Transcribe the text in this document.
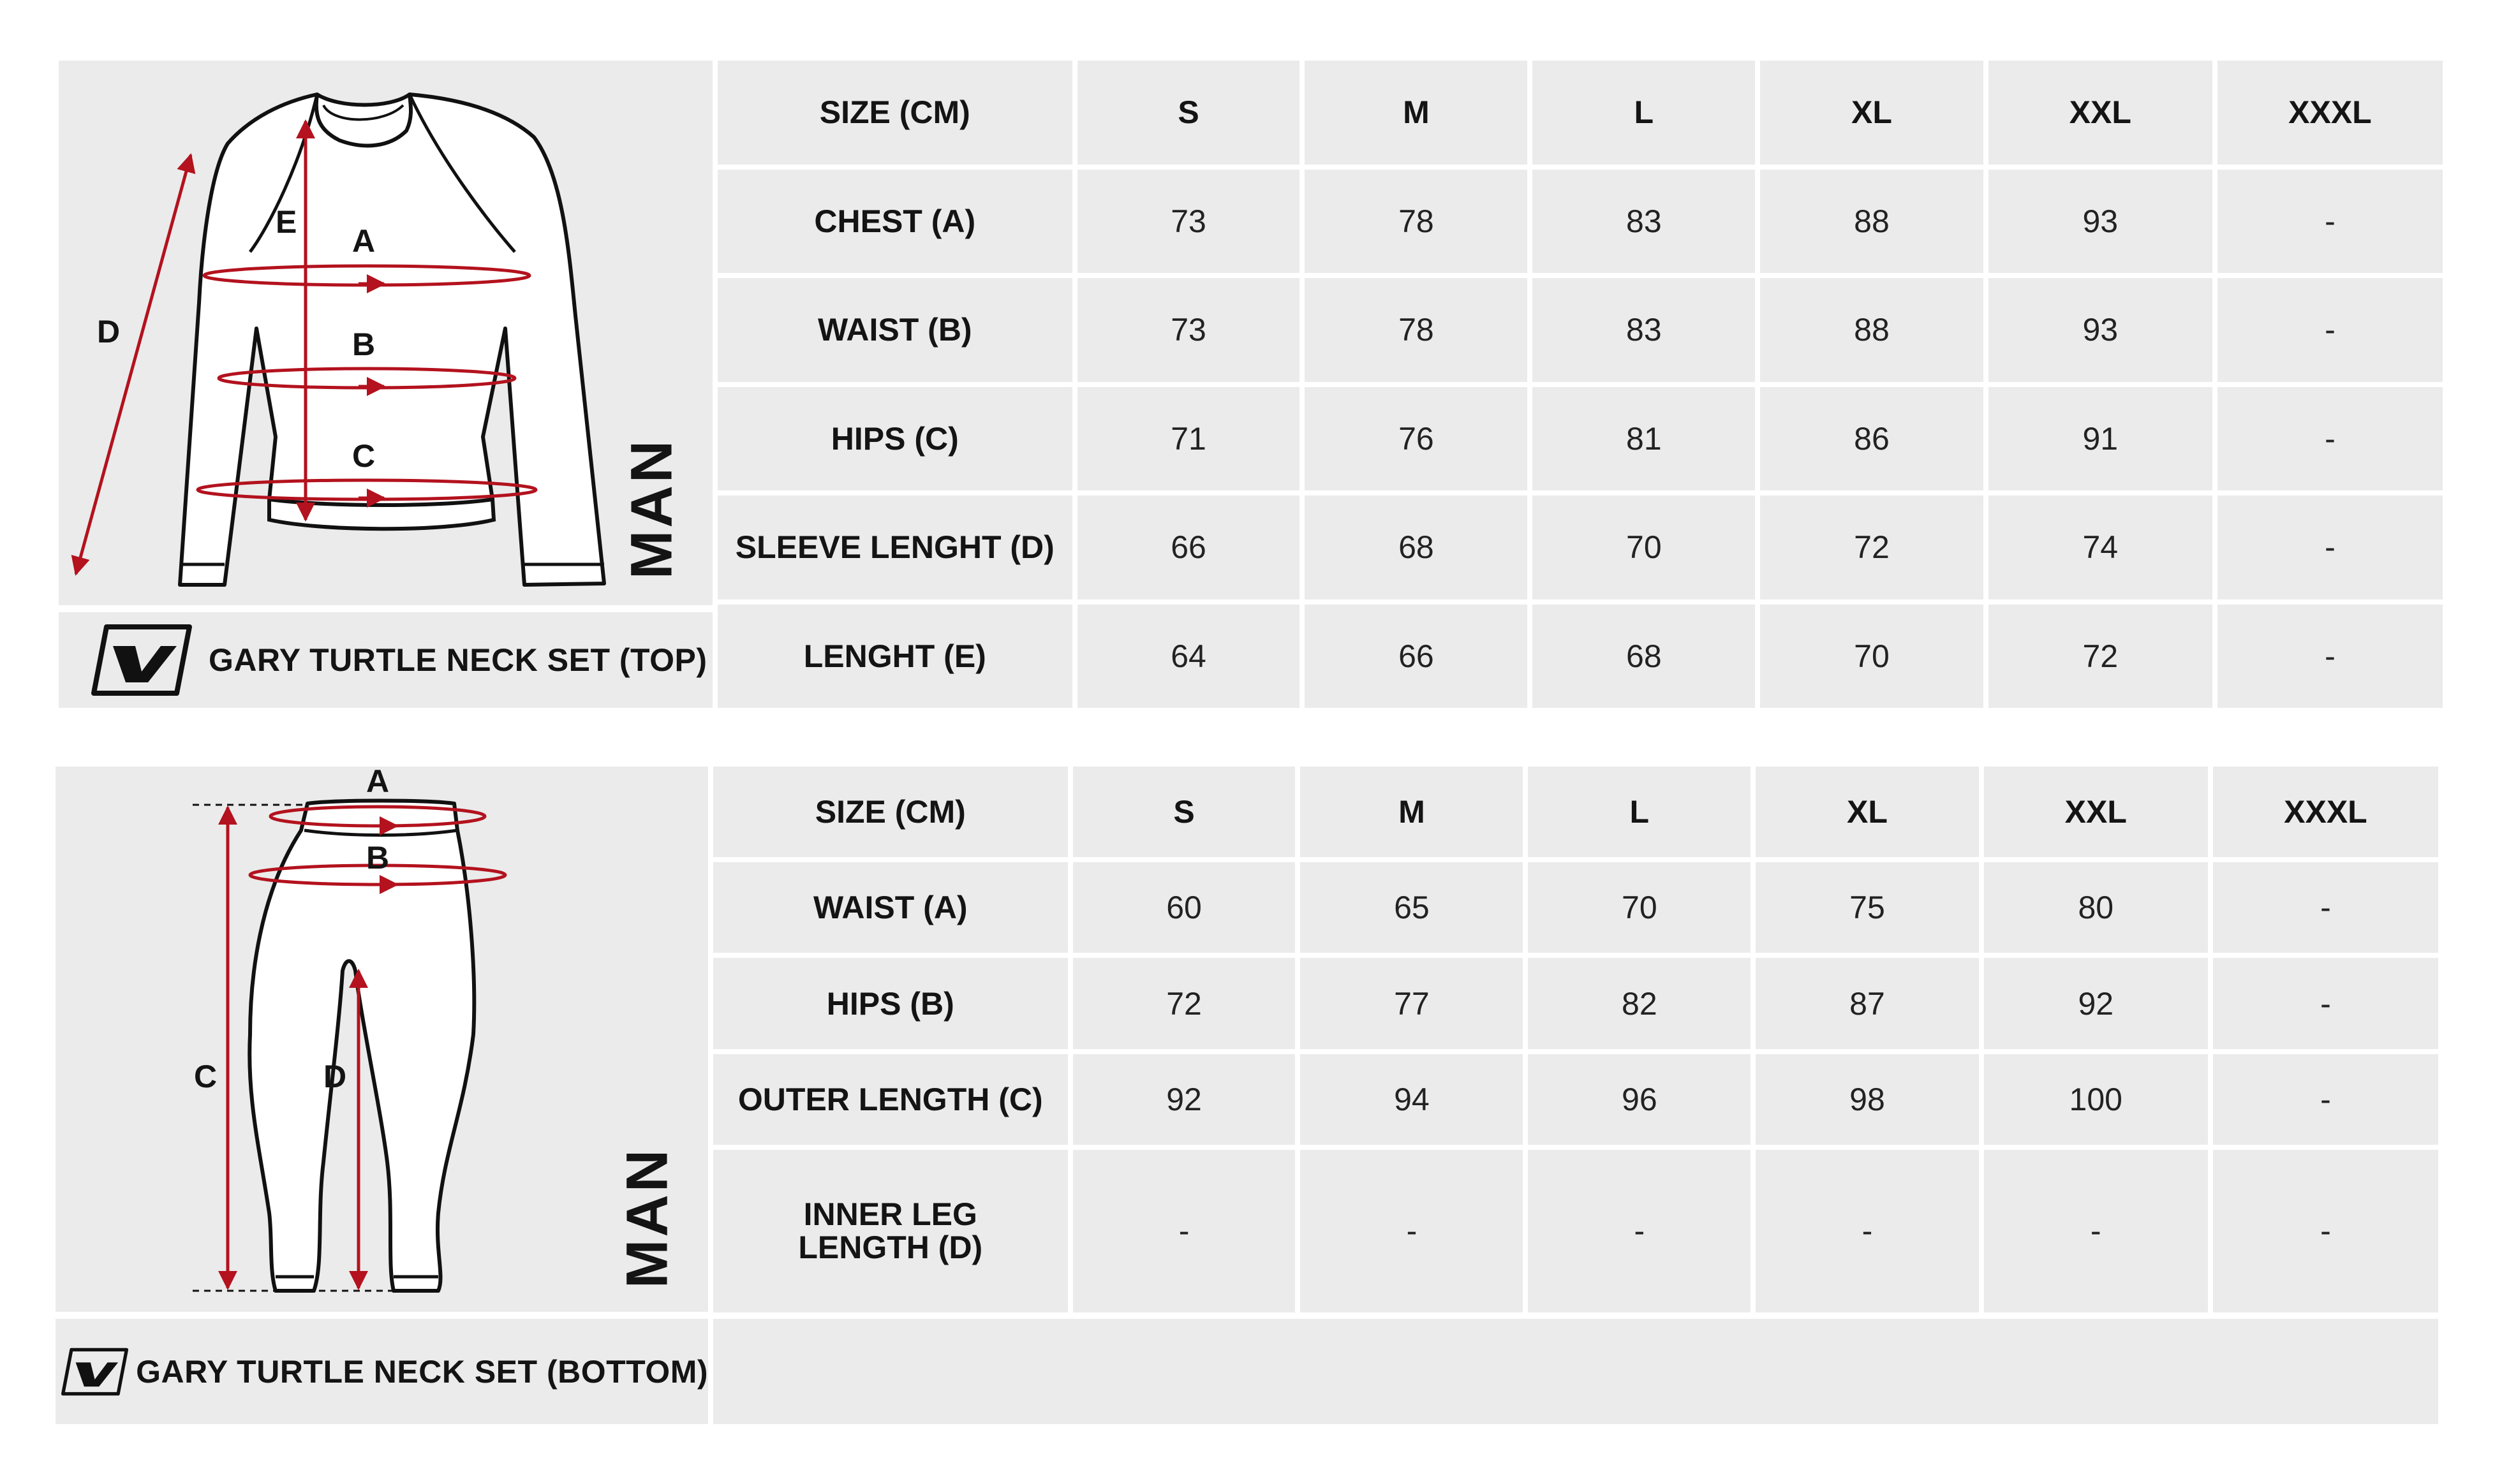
E
A
B
C
D
MAN
GARY TURTLE NECK SET (TOP)
SIZE (CM)	S	M	L	XL	XXL	XXXL
CHEST (A)	73	78	83	88	93	-
WAIST (B)	73	78	83	88	93	-
HIPS (C)	71	76	81	86	91	-
SLEEVE LENGHT (D)	66	68	70	72	74	-
LENGHT (E)	64	66	68	70	72	-
A
B
C	D
MAN
GARY TURTLE NECK SET (BOTTOM)
SIZE (CM)	S	M	L	XL	XXL	XXXL
WAIST (A)	60	65	70	75	80	-
HIPS (B)	72	77	82	87	92	-
OUTER LENGTH (C)	92	94	96	98	100	-
INNER LEG
LENGTH (D)	-	-	-	-	-	-
